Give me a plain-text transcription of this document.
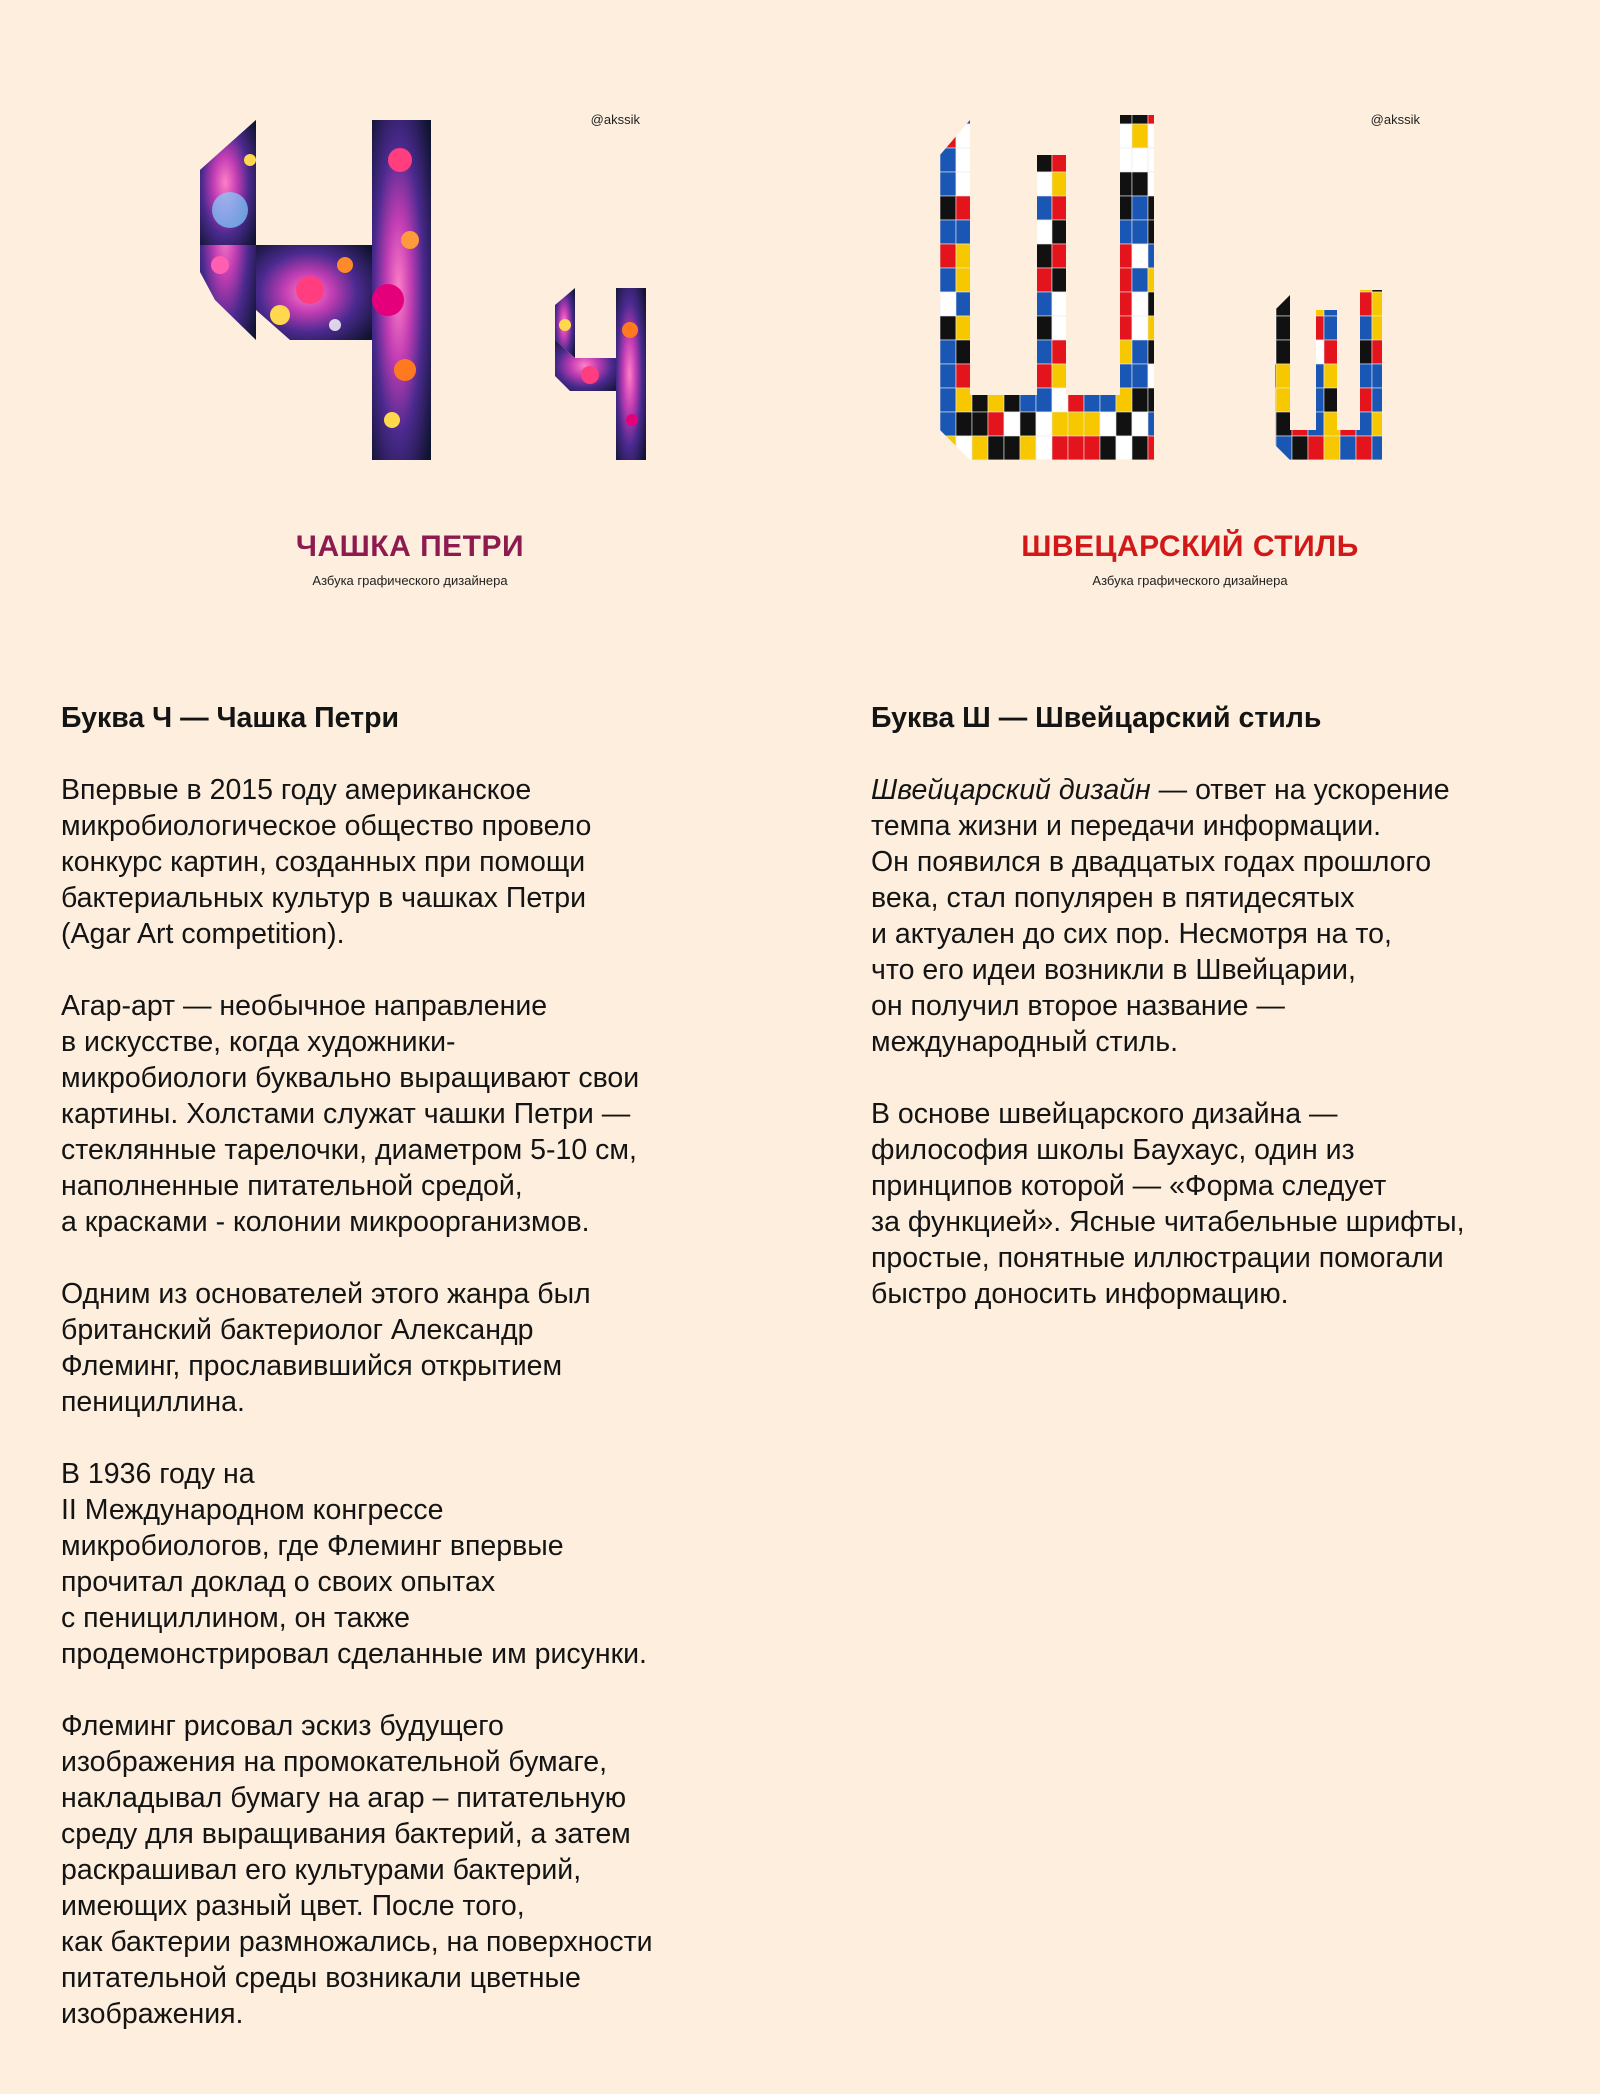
@akssik
ЧАШКА ПЕТРИ
Азбука графического дизайнера
@akssik
ШВЕЦАРСКИЙ СТИЛЬ
Азбука графического дизайнера
Буква Ч — Чашка Петри

Впервые в 2015 году американское
микробиологическое общество провело
конкурс картин, созданных при помощи
бактериальных культур в чашках Петри
(Agar Art competition).

Агар-арт — необычное направление
в искусстве, когда художники-
микробиологи буквально выращивают свои
картины. Холстами служат чашки Петри —
стеклянные тарелочки, диаметром 5-10 см,
наполненные питательной средой,
а красками - колонии микроорганизмов.

Одним из основателей этого жанра был
британский бактериолог Александр
Флеминг, прославившийся открытием
пенициллина.

В 1936 году на
II Международном конгрессе
микробиологов, где Флеминг впервые
прочитал доклад о своих опытах
с пенициллином, он также
продемонстрировал сделанные им рисунки.

Флеминг рисовал эскиз будущего
изображения на промокательной бумаге,
накладывал бумагу на агар – питательную
среду для выращивания бактерий, а затем
раскрашивал его культурами бактерий,
имеющих разный цвет. После того,
как бактерии размножались, на поверхности
питательной среды возникали цветные
изображения.

Буква Ш — Швейцарский стиль

Швейцарский дизайн — ответ на ускорение
темпа жизни и передачи информации.
Он появился в двадцатых годах прошлого
века, стал популярен в пятидесятых
и актуален до сих пор. Несмотря на то,
что его идеи возникли в Швейцарии,
он получил второе название —
международный стиль.

В основе швейцарского дизайна —
философия школы Баухаус, один из
принципов которой — «Форма следует
за функцией». Ясные читабельные шрифты,
простые, понятные иллюстрации помогали
быстро доносить информацию.
